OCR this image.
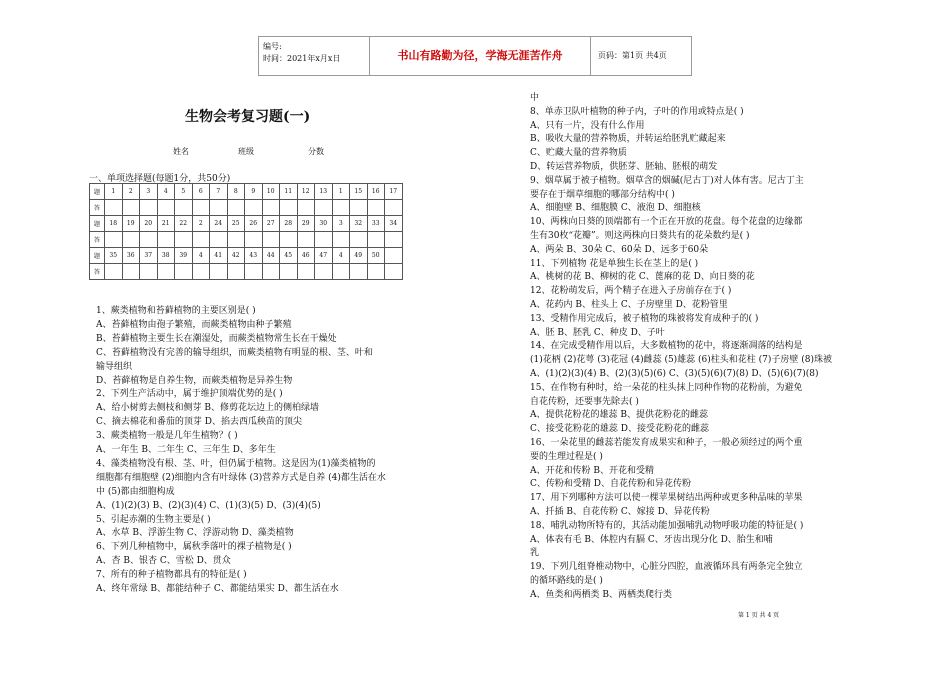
编号:
时间：2021年x月x日	书山有路勤为径，学海无涯苦作舟	页码：第1页 共4页
生物会考复习题(一)
姓名	班级	分数
一、单项选择题(每题1分，共50分)
题	1	2	3	4	5	6	7	8	9	10	11	12	13	1	15	16	17
答																	
题	18	19	20	21	22	2	24	25	26	27	28	29	30	3	32	33	34
答																	
题	35	36	37	38	39	4	41	42	43	44	45	46	47	4	49	50	
答																	
1、蕨类植物和苔藓植物的主要区别是( )
A、苔藓植物由孢子繁殖，而蕨类植物由种子繁殖
B、苔藓植物主要生长在潮湿处，而蕨类植物常生长在干燥处
C、苔藓植物没有完善的输导组织，而蕨类植物有明显的根、茎、叶和
输导组织
D、苔藓植物是自养生物，而蕨类植物是异养生物
2、下列生产活动中，属于维护顶端优势的是( )
A、给小树剪去侧枝和侧芽 B、修剪花坛边上的侧柏绿墙
C、摘去棉花和番茄的顶芽 D、掐去西瓜秧苗的顶尖
3、蕨类植物一般是几年生植物？( )
A、一年生 B、二年生 C、三年生 D、多年生
4、藻类植物没有根、茎、叶，但仍属于植物。这是因为(1)藻类植物的
细胞都有细胞壁 (2)细胞内含有叶绿体 (3)营养方式是自养 (4)都生活在水
中 (5)都由细胞构成
A、(1)(2)(3) B、(2)(3)(4) C、(1)(3)(5) D、(3)(4)(5)
5、引起赤潮的生物主要是( )
A、水草 B、浮游生物 C、浮游动物 D、藻类植物
6、下列几种植物中，属秋季落叶的裸子植物是( )
A、杏 B、银杏 C、雪松 D、贯众
7、所有的种子植物都具有的特征是( )
A、终年常绿 B、都能结种子 C、都能结果实 D、都生活在水
中
8、单赤卫队叶植物的种子内，子叶的作用或特点是( )
A、只有一片，没有什么作用
B、吸收大量的营养物质，并转运给胚乳贮藏起来
C、贮藏大量的营养物质
D、转运营养物质，供胚芽、胚轴、胚根的萌发
9、烟草属于被子植物。烟草含的烟碱(尼古丁)对人体有害。尼古丁主
要存在于烟草细胞的哪部分结构中( )
A、细胞壁 B、细胞膜 C、液泡 D、细胞核
10、两株向日葵的顶端都有一个正在开放的花盘。每个花盘的边缘都
生有30枚“花瓣”。则这两株向日葵共有的花朵数约是( )
A、两朵 B、30朵 C、60朵 D、远多于60朵
11、下列植物 花是单独生长在茎上的是( )
A、桃树的花 B、柳树的花 C、蓖麻的花 D、向日葵的花
12、花粉萌发后，两个精子在进入子房前存在于( )
A、花药内 B、柱头上 C、子房壁里 D、花粉管里
13、受精作用完成后，被子植物的珠被将发育成种子的( )
A、胚 B、胚乳 C、种皮 D、子叶
14、在完成受精作用以后，大多数植物的花中，将逐渐凋落的结构是
(1)花柄 (2)花萼 (3)花冠 (4)雌蕊 (5)雄蕊 (6)柱头和花柱 (7)子房壁 (8)珠被
A、(1)(2)(3)(4) B、(2)(3)(5)(6) C、(3)(5)(6)(7)(8) D、(5)(6)(7)(8)
15、在作物有种时，给一朵花的柱头抹上同种作物的花粉前，为避免
自花传粉，还要事先除去( )
A、提供花粉花的雄蕊 B、提供花粉花的雌蕊
C、接受花粉花的雄蕊 D、接受花粉花的雌蕊
16、一朵花里的雌蕊若能发育成果实和种子，一般必须经过的两个重
要的生理过程是( )
A、开花和传粉 B、开花和受精
C、传粉和受精 D、自花传粉和异花传粉
17、用下列哪种方法可以使一棵苹果树结出两种或更多种品味的苹果
A、扦插 B、自花传粉 C、嫁接 D、异花传粉
18、哺乳动物所特有的，其活动能加强哺乳动物呼吸功能的特征是( )
A、体表有毛 B、体腔内有膈 C、牙齿出现分化 D、胎生和哺
乳
19、下列几组脊椎动物中，心脏分四腔，血液循环具有两条完全独立
的循环路线的是( )
A、鱼类和两栖类 B、两栖类爬行类
第 1 页 共 4 页
